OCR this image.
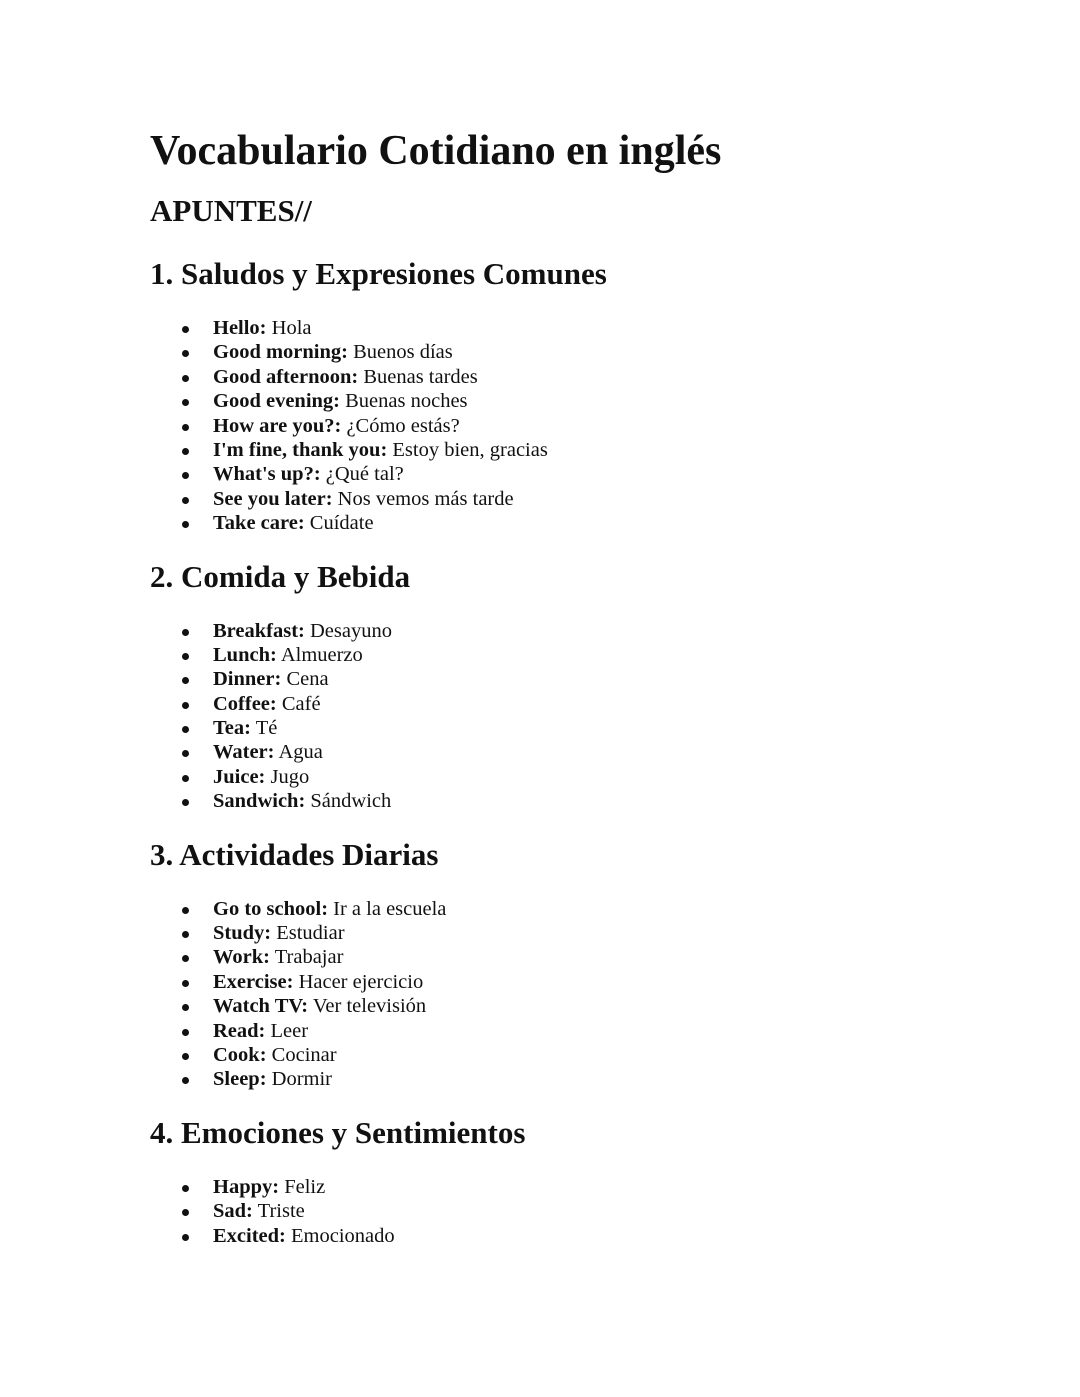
Vocabulario Cotidiano en inglés
APUNTES//
1. Saludos y Expresiones Comunes
Hello: Hola
Good morning: Buenos días
Good afternoon: Buenas tardes
Good evening: Buenas noches
How are you?: ¿Cómo estás?
I'm fine, thank you: Estoy bien, gracias
What's up?: ¿Qué tal?
See you later: Nos vemos más tarde
Take care: Cuídate
2. Comida y Bebida
Breakfast: Desayuno
Lunch: Almuerzo
Dinner: Cena
Coffee: Café
Tea: Té
Water: Agua
Juice: Jugo
Sandwich: Sándwich
3. Actividades Diarias
Go to school: Ir a la escuela
Study: Estudiar
Work: Trabajar
Exercise: Hacer ejercicio
Watch TV: Ver televisión
Read: Leer
Cook: Cocinar
Sleep: Dormir
4. Emociones y Sentimientos
Happy: Feliz
Sad: Triste
Excited: Emocionado
